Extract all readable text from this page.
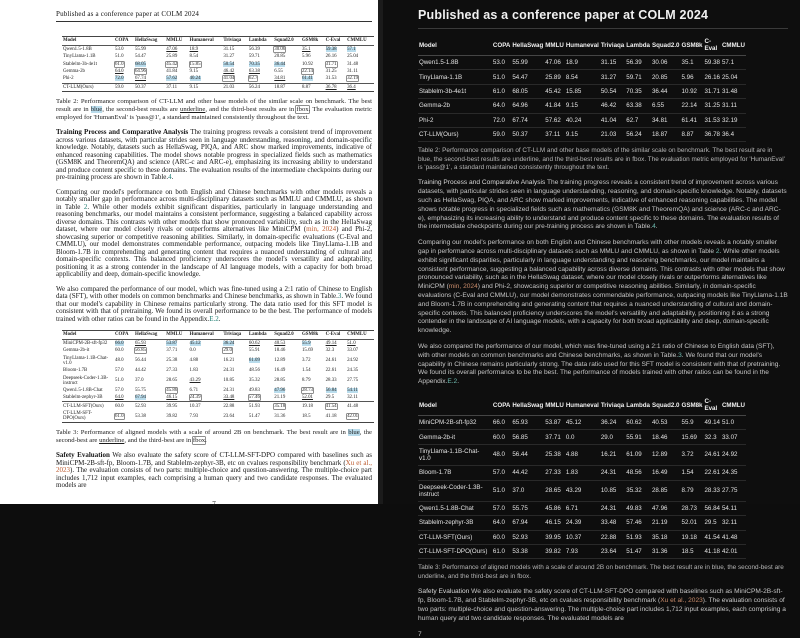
Published as a conference paper at COLM 2024
Model	COPA	HellaSwag	MMLU	Humaneval	Triviaqa	Lambda	Squad2.0	GSM8k	C-Eval	CMMLU
Qwen1.5-1.8B	53.0	55.99	47.06	18.9	31.15	56.39	30.06	35.1	59.38	57.1
TinyLlama-1.1B	51.0	54.47	25.89	8.54	31.27	59.71	20.85	5.96	26.16	25.04
Stablelm-3b-4e1t	61.0	68.05	45.42	15.85	50.54	70.35	36.44	10.92	31.71	31.48
Gemma-2b	64.0	64.96	41.84	9.15	46.42	63.38	6.55	22.14	31.25	31.11
Phi-2	72.0	67.74	57.62	40.24	41.04	62.7	34.81	61.41	31.53	32.19
CT-LLM(Ours)	59.0	50.37	37.11	9.15	21.03	56.24	18.87	8.87	36.78	36.4
Table 2: Performance comparison of CT-LLM and other base models of the similar scale on benchmark. The best result are in blue, the second-best results are underline, and the third-best results are in fbox. The evaluation metric employed for 'HumanEval' is 'pass@1', a standard maintained consistently throughout the text.
Training Process and Comparative Analysis The training progress reveals a consistent trend of improvement across various datasets, with particular strides seen in language understanding, reasoning, and domain-specific knowledge. Notably, datasets such as HellaSwag, PIQA, and ARC show marked improvements, indicative of enhanced reasoning capabilities. The model shows notable progress in specialized fields such as mathematics (GSM8K and TheoremQA) and science (ARC-c and ARC-e), emphasizing its increasing ability to understand and produce content specific to these domains. The evaluation results of the intermediate checkpoints during our pre-training process are shown in Table.4.
Comparing our model's performance on both English and Chinese benchmarks with other models reveals a notably smaller gap in performance across multi-disciplinary datasets such as MMLU and CMMLU, as shown in Table 2. While other models exhibit significant disparities, particularly in language understanding and reasoning benchmarks, our model maintains a consistent performance, suggesting a balanced capability across diverse domains. This contrasts with other models that show pronounced variability, such as in the HellaSwag dataset, where our model closely rivals or outperforms alternatives like MiniCPM (min, 2024) and Phi-2, showcasing superior or competitive reasoning abilities. Similarly, in domain-specific evaluations (C-Eval and CMMLU), our model demonstrates commendable performance, outpacing models like TinyLlama-1.1B and Bloom-1.7B in comprehending and generating content that requires a nuanced understanding of cultural and domain-specific contexts. This balanced proficiency underscores the model's versatility and adaptability, positioning it as a strong contender in the landscape of AI language models, with a capacity for both broad applicability and deep, domain-specific knowledge.
We also compared the performance of our model, which was fine-tuned using a 2:1 ratio of Chinese to English data (SFT), with other models on common benchmarks and Chinese benchmarks, as shown in Table.3. We found that our model's capability in Chinese remains particularly strong. The data ratio used for this SFT model is consistent with that of pretraining. We found its overall performance to be the best. The performance of models trained with other ratios can be found in the Appendix.E.2.
Model	COPA	HellaSwag	MMLU	Humaneval	Triviaqa	Lambda	Squad2.0	GSM8k	C-Eval	CMMLU
MiniCPM-2B-sft-fp32	66.0	65.93	53.87	45.12	36.24	60.62	40.53	55.9	49.14	51.0
Gemma-2b-it	60.0	56.85	37.71	0.0	29.0	55.91	18.46	15.69	32.3	33.07
TinyLlama-1.1B-Chat-v1.0	48.0	56.44	25.38	4.88	16.21	61.09	12.89	3.72	24.61	24.92
Bloom-1.7B	57.0	44.42	27.33	1.83	24.31	48.56	16.49	1.54	22.61	24.35
Deepseek-Coder-1.3B-instruct	51.0	37.0	28.65	43.29	10.85	35.32	28.85	8.79	28.33	27.75
Qwen1.5-1.8B-Chat	57.0	55.75	45.86	6.71	24.31	49.83	47.96	28.73	56.84	54.11
Stablelm-zephyr-3B	64.0	67.94	46.15	24.39	33.48	57.46	21.19	52.01	29.5	32.11
CT-LLM-SFT(Ours)	60.0	52.93	39.95	10.37	22.88	51.93	35.18	19.18	41.54	41.48
CT-LLM-SFT-DPO(Ours)	61.0	53.38	39.82	7.93	23.64	51.47	31.36	18.5	41.18	42.01
Table 3: Performance of aligned models with a scale of around 2B on benchmark. The best result are in blue, the second-best are underline, and the third-best are in fbox.
Safety Evaluation We also evaluate the safety score of CT-LLM-SFT-DPO compared with baselines such as MiniCPM-2B-sft-fp, Bloom-1.7B, and Stablelm-zephyr-3B, etc on cvalues responsibility benchmark (Xu et al., 2023). The evaluation consists of two parts: multiple-choice and question-answering. The multiple-choice part includes 1,712 input examples, each comprising a human query and two candidate responses. The evaluated models are
7
Published as a conference paper at COLM 2024
Model	COPA	HellaSwag	MMLU	Humaneval	Triviaqa	Lambda	Squad2.0	GSM8k	C-Eval	CMMLU
Qwen1.5-1.8B	53.0	55.99	47.06	18.9	31.15	56.39	30.06	35.1	59.38	57.1
TinyLlama-1.1B	51.0	54.47	25.89	8.54	31.27	59.71	20.85	5.96	26.16	25.04
Stablelm-3b-4e1t	61.0	68.05	45.42	15.85	50.54	70.35	36.44	10.92	31.71	31.48
Gemma-2b	64.0	64.96	41.84	9.15	46.42	63.38	6.55	22.14	31.25	31.11
Phi-2	72.0	67.74	57.62	40.24	41.04	62.7	34.81	61.41	31.53	32.19
CT-LLM(Ours)	59.0	50.37	37.11	9.15	21.03	56.24	18.87	8.87	36.78	36.4
Table 2: Performance comparison of CT-LLM and other base models of the similar scale on benchmark. The best result are in blue, the second-best results are underline, and the third-best results are in fbox. The evaluation metric employed for 'HumanEval' is 'pass@1', a standard maintained consistently throughout the text.
Training Process and Comparative Analysis The training progress reveals a consistent trend of improvement across various datasets, with particular strides seen in language understanding, reasoning, and domain-specific knowledge. Notably, datasets such as HellaSwag, PIQA, and ARC show marked improvements, indicative of enhanced reasoning capabilities. The model shows notable progress in specialized fields such as mathematics (GSM8K and TheoremQA) and science (ARC-c and ARC-e), emphasizing its increasing ability to understand and produce content specific to these domains. The evaluation results of the intermediate checkpoints during our pre-training process are shown in Table.4.
Comparing our model's performance on both English and Chinese benchmarks with other models reveals a notably smaller gap in performance across multi-disciplinary datasets such as MMLU and CMMLU, as shown in Table 2. While other models exhibit significant disparities, particularly in language understanding and reasoning benchmarks, our model maintains a consistent performance, suggesting a balanced capability across diverse domains. This contrasts with other models that show pronounced variability, such as in the HellaSwag dataset, where our model closely rivals or outperforms alternatives like MiniCPM (min, 2024) and Phi-2, showcasing superior or competitive reasoning abilities. Similarly, in domain-specific evaluations (C-Eval and CMMLU), our model demonstrates commendable performance, outpacing models like TinyLlama-1.1B and Bloom-1.7B in comprehending and generating content that requires a nuanced understanding of cultural and domain-specific contexts. This balanced proficiency underscores the model's versatility and adaptability, positioning it as a strong contender in the landscape of AI language models, with a capacity for both broad applicability and deep, domain-specific knowledge.
We also compared the performance of our model, which was fine-tuned using a 2:1 ratio of Chinese to English data (SFT), with other models on common benchmarks and Chinese benchmarks, as shown in Table.3. We found that our model's capability in Chinese remains particularly strong. The data ratio used for this SFT model is consistent with that of pretraining. We found its overall performance to be the best. The performance of models trained with other ratios can be found in the Appendix.E.2.
Model	COPA	HellaSwag	MMLU	Humaneval	Triviaqa	Lambda	Squad2.0	GSM8k	C-Eval	CMMLU
MiniCPM-2B-sft-fp32	66.0	65.93	53.87	45.12	36.24	60.62	40.53	55.9	49.14	51.0
Gemma-2b-it	60.0	56.85	37.71	0.0	29.0	55.91	18.46	15.69	32.3	33.07
TinyLlama-1.1B-Chat-v1.0	48.0	56.44	25.38	4.88	16.21	61.09	12.89	3.72	24.61	24.92
Bloom-1.7B	57.0	44.42	27.33	1.83	24.31	48.56	16.49	1.54	22.61	24.35
Deepseek-Coder-1.3B-instruct	51.0	37.0	28.65	43.29	10.85	35.32	28.85	8.79	28.33	27.75
Qwen1.5-1.8B-Chat	57.0	55.75	45.86	6.71	24.31	49.83	47.96	28.73	56.84	54.11
Stablelm-zephyr-3B	64.0	67.94	46.15	24.39	33.48	57.46	21.19	52.01	29.5	32.11
CT-LLM-SFT(Ours)	60.0	52.93	39.95	10.37	22.88	51.93	35.18	19.18	41.54	41.48
CT-LLM-SFT-DPO(Ours)	61.0	53.38	39.82	7.93	23.64	51.47	31.36	18.5	41.18	42.01
Table 3: Performance of aligned models with a scale of around 2B on benchmark. The best result are in blue, the second-best are underline, and the third-best are in fbox.
Safety Evaluation We also evaluate the safety score of CT-LLM-SFT-DPO compared with baselines such as MiniCPM-2B-sft-fp, Bloom-1.7B, and Stablelm-zephyr-3B, etc on cvalues responsibility benchmark (Xu et al., 2023). The evaluation consists of two parts: multiple-choice and question-answering. The multiple-choice part includes 1,712 input examples, each comprising a human query and two candidate responses. The evaluated models are
7
